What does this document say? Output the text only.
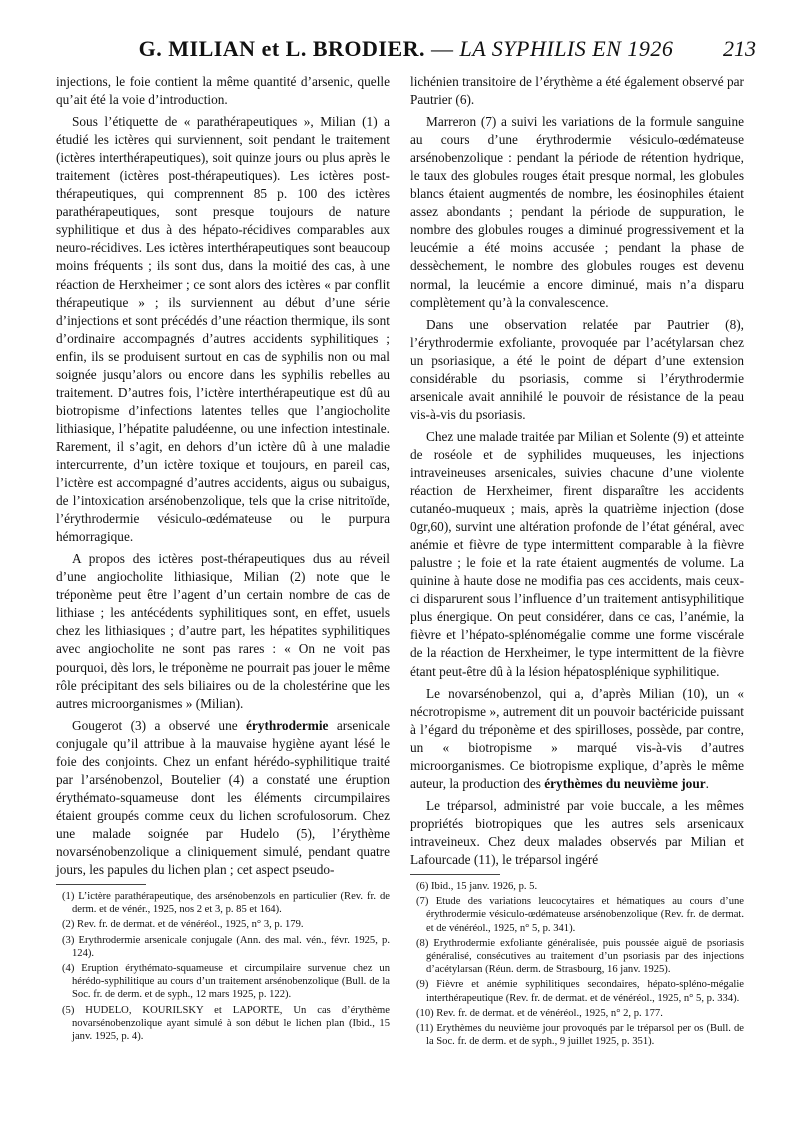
G. MILIAN et L. BRODIER. — LA SYPHILIS EN 1926	213

injections, le foie contient la même quantité d’arsenic, quelle qu’ait été la voie d’introduction.

Sous l’étiquette de « parathérapeutiques », Milian (1) a étudié les ictères qui surviennent, soit pendant le traitement (ictères interthérapeutiques), soit quinze jours ou plus après le traitement (ictères post-thérapeutiques). Les ictères post-thérapeutiques, qui comprennent 85 p. 100 des ictères parathérapeutiques, sont presque toujours de nature syphilitique et dus à des hépato-récidives comparables aux neuro-récidives. Les ictères interthérapeutiques sont beaucoup moins fréquents ; ils sont dus, dans la moitié des cas, à une réaction de Herxheimer ; ce sont alors des ictères « par conflit thérapeutique » ; ils surviennent au début d’une série d’injections et sont précédés d’une réaction thermique, ils sont d’ordinaire accompagnés d’autres accidents syphilitiques ; enfin, ils se produisent surtout en cas de syphilis non ou mal soignée jusqu’alors ou encore dans les syphilis rebelles au traitement. D’autres fois, l’ictère interthérapeutique est dû au biotropisme d’infections latentes telles que l’angiocholite lithiasique, l’hépatite paludéenne, ou une infection intestinale. Rarement, il s’agit, en dehors d’un ictère dû à une maladie intercurrente, d’un ictère toxique et toujours, en pareil cas, l’ictère est accompagné d’autres accidents, aigus ou subaigus, de l’intoxication arsénobenzolique, tels que la crise nitritoïde, l’érythrodermie vésiculo-œdémateuse ou le purpura hémorragique.

A propos des ictères post-thérapeutiques dus au réveil d’une angiocholite lithiasique, Milian (2) note que le tréponème peut être l’agent d’un certain nombre de cas de lithiase ; les antécédents syphilitiques sont, en effet, usuels chez les lithiasiques ; d’autre part, les hépatites syphilitiques avec angiocholite ne sont pas rares : « On ne voit pas pourquoi, dès lors, le tréponème ne pourrait pas jouer le même rôle précipitant des sels biliaires ou de la cholestérine que les autres microorganismes » (Milian).

Gougerot (3) a observé une érythrodermie arsenicale conjugale qu’il attribue à la mauvaise hygiène ayant lésé le foie des conjoints. Chez un enfant hérédo-syphilitique traité par l’arsénobenzol, Boutelier (4) a constaté une éruption érythémato-squameuse dont les éléments circumpilaires étaient groupés comme ceux du lichen scrofulosorum. Chez une malade soignée par Hudelo (5), l’érythème novarsénobenzolique a cliniquement simulé, pendant quatre jours, les papules du lichen plan ; cet aspect pseudo-

(1) L’ictère parathérapeutique, des arsénobenzols en particulier (Rev. fr. de derm. et de vénér., 1925, nos 2 et 3, p. 85 et 164).

(2) Rev. fr. de dermat. et de vénéréol., 1925, n° 3, p. 179.

(3) Erythrodermie arsenicale conjugale (Ann. des mal. vén., févr. 1925, p. 124).

(4) Eruption érythémato-squameuse et circumpilaire survenue chez un hérédo-syphilitique au cours d’un traitement arsénobenzolique (Bull. de la Soc. fr. de derm. et de syph., 12 mars 1925, p. 122).

(5) HUDELO, KOURILSKY et LAPORTE, Un cas d’érythème novarsénobenzolique ayant simulé à son début le lichen plan (Ibid., 15 janv. 1925, p. 4).

lichénien transitoire de l’érythème a été également observé par Pautrier (6).

Marreron (7) a suivi les variations de la formule sanguine au cours d’une érythrodermie vésiculo-œdémateuse arsénobenzolique : pendant la période de rétention hydrique, le taux des globules rouges était presque normal, les globules blancs étaient augmentés de nombre, les éosinophiles étaient assez abondants ; pendant la période de suppuration, le nombre des globules rouges a diminué progressivement et la leucémie a été moins accusée ; pendant la phase de dessèchement, le nombre des globules rouges est devenu normal, la leucémie a encore diminué, mais n’a disparu complètement qu’à la convalescence.

Dans une observation relatée par Pautrier (8), l’érythrodermie exfoliante, provoquée par l’acétylarsan chez un psoriasique, a été le point de départ d’une extension considérable du psoriasis, comme si l’érythrodermie arsenicale avait annihilé le pouvoir de résistance de la peau vis-à-vis du psoriasis.

Chez une malade traitée par Milian et Solente (9) et atteinte de roséole et de syphilides muqueuses, les injections intraveineuses arsenicales, suivies chacune d’une violente réaction de Herxheimer, firent disparaître les accidents cutanéo-muqueux ; mais, après la quatrième injection (dose 0gr,60), survint une altération profonde de l’état général, avec anémie et fièvre de type intermittent comparable à la fièvre palustre ; le foie et la rate étaient augmentés de volume. La quinine à haute dose ne modifia pas ces accidents, mais ceux-ci disparurent sous l’influence d’un traitement antisyphilitique plus énergique. On peut considérer, dans ce cas, l’anémie, la fièvre et l’hépato-splénomégalie comme une forme viscérale de la réaction de Herxheimer, le type intermittent de la fièvre étant peut-être dû à la lésion hépatosplénique syphilitique.

Le novarsénobenzol, qui a, d’après Milian (10), un « nécrotropisme », autrement dit un pouvoir bactéricide puissant à l’égard du tréponème et des spirilloses, possède, par contre, un « biotropisme » marqué vis-à-vis d’autres microorganismes. Ce biotropisme explique, d’après le même auteur, la production des érythèmes du neuvième jour.

Le tréparsol, administré par voie buccale, a les mêmes propriétés biotropiques que les autres sels arsenicaux intraveineux. Chez deux malades observés par Milian et Lafourcade (11), le tréparsol ingéré

(6) Ibid., 15 janv. 1926, p. 5.

(7) Etude des variations leucocytaires et hématiques au cours d’une érythrodermie vésiculo-œdémateuse arsénobenzolique (Rev. fr. de dermat. et de vénéréol., 1925, n° 5, p. 341).

(8) Erythrodermie exfoliante généralisée, puis poussée aiguë de psoriasis généralisé, consécutives au traitement d’un psoriasis par des injections d’acétylarsan (Réun. derm. de Strasbourg, 16 janv. 1925).

(9) Fièvre et anémie syphilitiques secondaires, hépato-spléno-mégalie interthérapeutique (Rev. fr. de dermat. et de vénéréol., 1925, n° 5, p. 334).

(10) Rev. fr. de dermat. et de vénéréol., 1925, n° 2, p. 177.

(11) Erythèmes du neuvième jour provoqués par le tréparsol per os (Bull. de la Soc. fr. de derm. et de syph., 9 juillet 1925, p. 351).
